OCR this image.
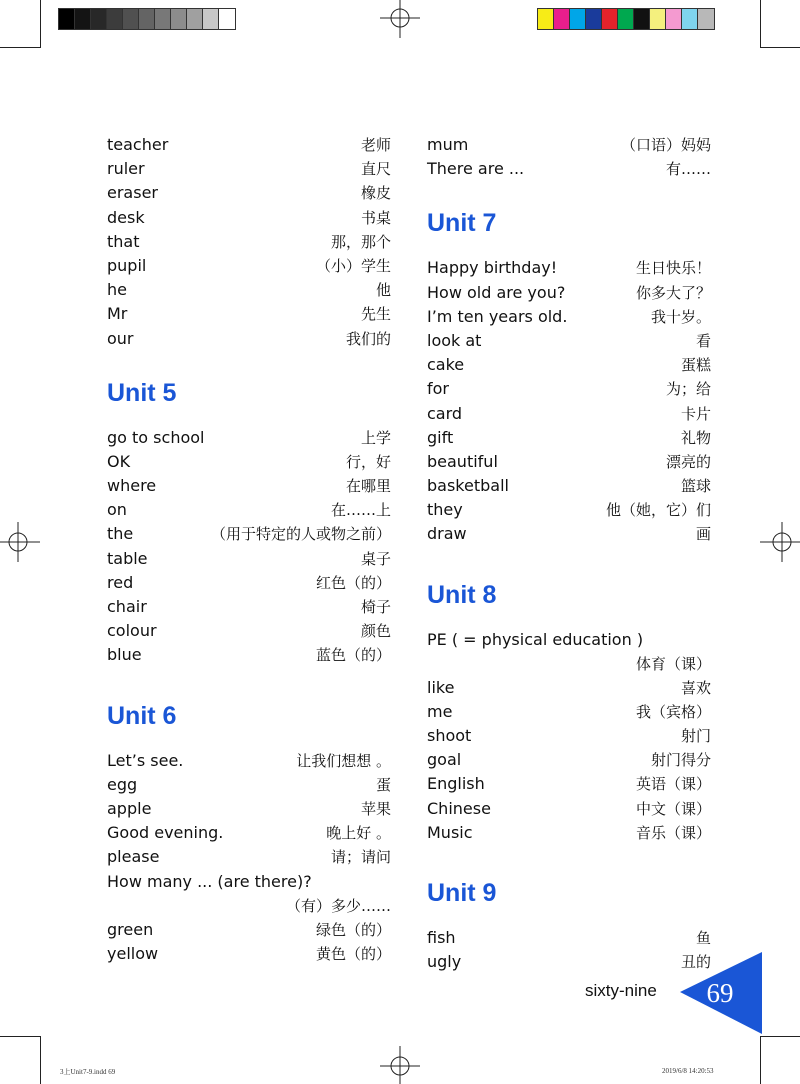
teacher	老师
ruler	直尺
eraser	橡皮
desk	书桌
that	那，那个
pupil	（小）学生
he	他
Mr	先生
our	我们的
Unit 5
go to school	上学
OK	行，好
where	在哪里
on	在……上
the	（用于特定的人或物之前）
table	桌子
red	红色（的）
chair	椅子
colour	颜色
blue	蓝色（的）
Unit 6
Let’s see.	让我们想想 。
egg	蛋
apple	苹果
Good evening.	晚上好 。
please	请；请问
How many ... (are there)?
（有）多少……
green	绿色（的）
yellow	黄色（的）
mum	（口语）妈妈
There are ...	有……
Unit 7
Happy birthday!	生日快乐！
How old are you?	你多大了？
I’m ten years old.	我十岁。
look at	看
cake	蛋糕
for	为；给
card	卡片
gift	礼物
beautiful	漂亮的
basketball	篮球
they	他（她，它）们
draw	画
Unit 8
PE ( = physical education )
体育（课）
like	喜欢
me	我（宾格）
shoot	射门
goal	射门得分
English	英语（课）
Chinese	中文（课）
Music	音乐（课）
Unit 9
fish	鱼
ugly	丑的
sixty-nine	69
3上Unit7-9.indd 69	2019/6/8 14:20:53
